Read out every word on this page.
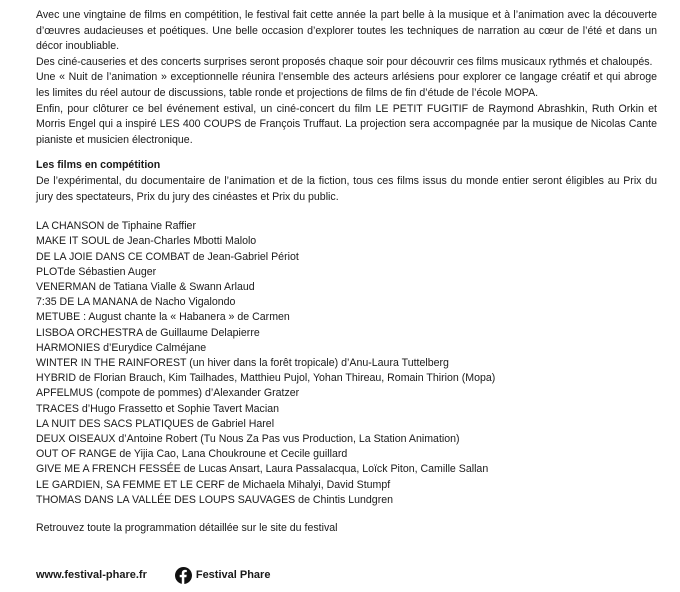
Avec une vingtaine de films en compétition, le festival fait cette année la part belle à la musique et à l’animation avec la découverte d’œuvres audacieuses et poétiques. Une belle occasion d’explorer toutes les techniques de narration au cœur de l’été et dans un décor inoubliable.

Des ciné-causeries et des concerts surprises seront proposés chaque soir pour découvrir ces films musicaux rythmés et chaloupés.

Une « Nuit de l’animation » exceptionnelle réunira l’ensemble des acteurs arlésiens pour explorer ce langage créatif et qui abroge les limites du réel autour de discussions, table ronde et projections de films de fin d’étude de l’école MOPA.

Enfin, pour clôturer ce bel événement estival, un ciné-concert du film LE PETIT FUGITIF de Raymond Abrashkin, Ruth Orkin et Morris Engel qui a inspiré LES 400 COUPS de François Truffaut. La projection sera accompagnée par la musique de Nicolas Cante pianiste et musicien électronique.

Les films en compétition

De l’expérimental, du documentaire de l’animation et de la fiction, tous ces films issus du monde entier seront éligibles au Prix du jury des spectateurs, Prix du jury des cinéastes et Prix du public.

LA CHANSON de Tiphaine Raffier
MAKE IT SOUL de Jean-Charles Mbotti Malolo
DE LA JOIE DANS CE COMBAT de Jean-Gabriel Périot
PLOTde Sébastien Auger
VENERMAN de Tatiana Vialle & Swann Arlaud
7:35 DE LA MANANA de Nacho Vigalondo
METUBE : August chante la « Habanera » de Carmen
LISBOA ORCHESTRA de Guillaume Delapierre
HARMONIES d’Eurydice Calméjane
WINTER IN THE RAINFOREST (un hiver dans la forêt tropicale) d’Anu-Laura Tuttelberg
HYBRID de Florian Brauch, Kim Tailhades, Matthieu Pujol, Yohan Thireau, Romain Thirion (Mopa)
APFELMUS (compote de pommes) d’Alexander Gratzer
TRACES d’Hugo Frassetto et Sophie Tavert Macian
LA NUIT DES SACS PLATIQUES de Gabriel Harel
DEUX OISEAUX d’Antoine Robert (Tu Nous Za Pas vus Production, La Station Animation)
OUT OF RANGE de Yijia Cao, Lana Choukroune et Cecile guillard
GIVE ME A FRENCH FESSÉE de Lucas Ansart, Laura Passalacqua, Loïck Piton, Camille Sallan
LE GARDIEN, SA FEMME ET LE CERF de Michaela Mihalyi, David Stumpf
THOMAS DANS LA VALLÉE DES LOUPS SAUVAGES de Chintis Lundgren

Retrouvez toute la programmation détaillée sur le site du festival

www.festival-phare.fr	Festival Phare
